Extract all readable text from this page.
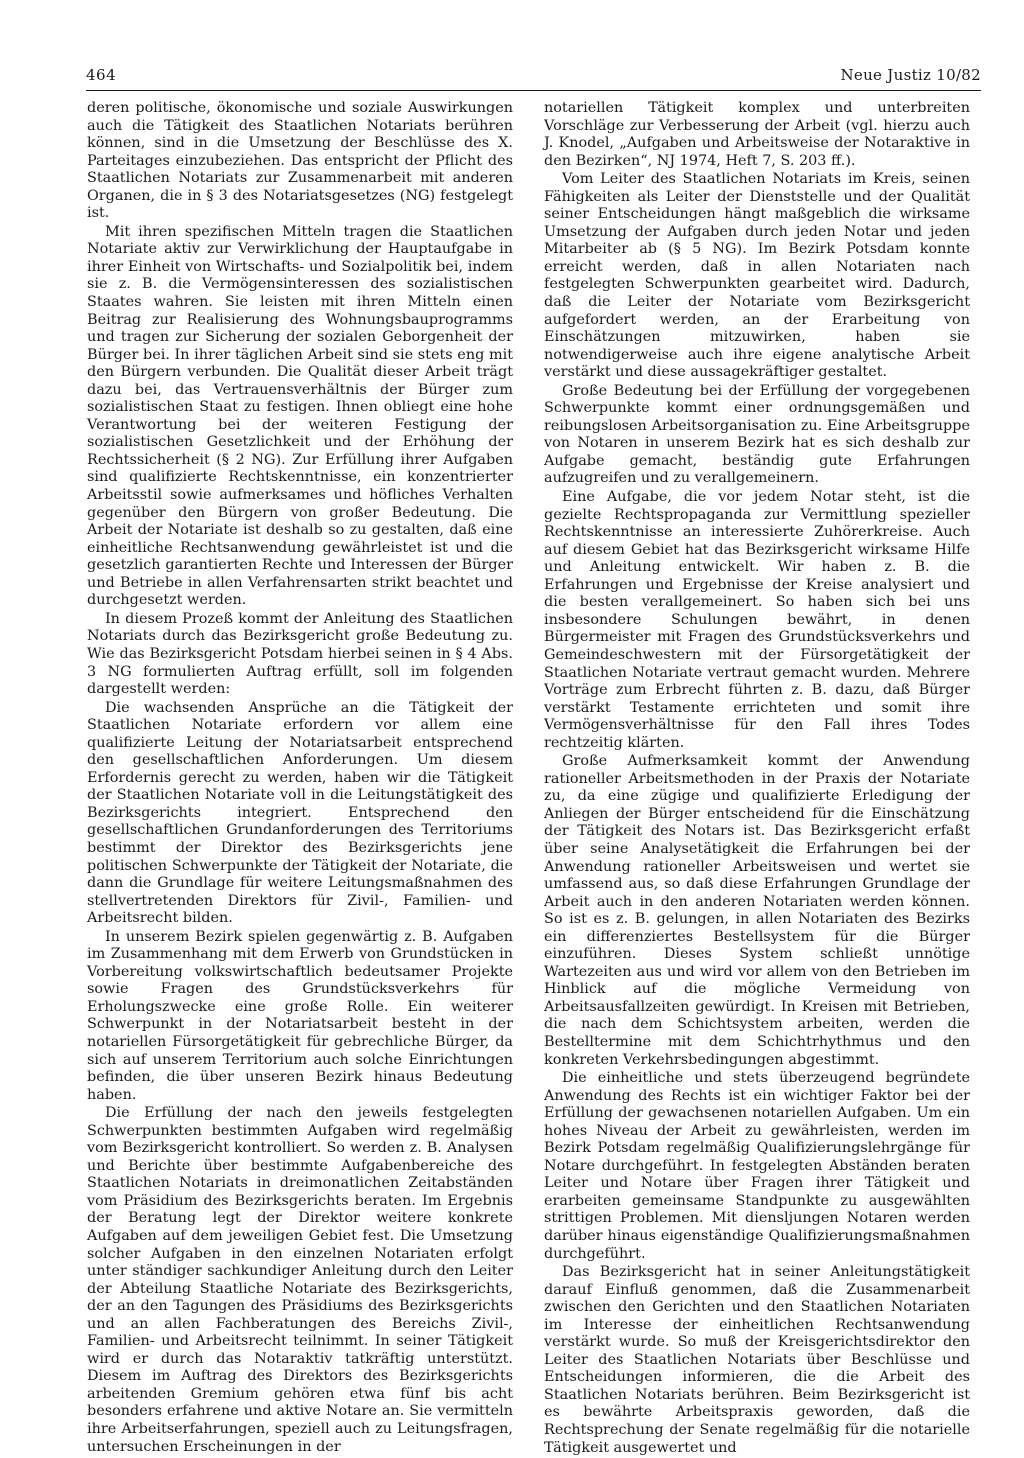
464	Neue Justiz 10/82

deren politische, ökonomische und soziale Auswirkungen auch die Tätigkeit des Staatlichen Notariats berühren können, sind in die Umsetzung der Beschlüsse des X. Parteitages einzubeziehen. Das entspricht der Pflicht des Staatlichen Notariats zur Zusammenarbeit mit anderen Organen, die in § 3 des Notariatsgesetzes (NG) festgelegt ist.

Mit ihren spezifischen Mitteln tragen die Staatlichen Notariate aktiv zur Verwirklichung der Hauptaufgabe in ihrer Einheit von Wirtschafts- und Sozialpolitik bei, indem sie z. B. die Vermögensinteressen des sozialistischen Staates wahren. Sie leisten mit ihren Mitteln einen Beitrag zur Realisierung des Wohnungsbauprogramms und tragen zur Sicherung der sozialen Geborgenheit der Bürger bei. In ihrer täglichen Arbeit sind sie stets eng mit den Bürgern verbunden. Die Qualität dieser Arbeit trägt dazu bei, das Vertrauensverhältnis der Bürger zum sozialistischen Staat zu festigen. Ihnen obliegt eine hohe Verantwortung bei der weiteren Festigung der sozialistischen Gesetzlichkeit und der Erhöhung der Rechtssicherheit (§ 2 NG). Zur Erfüllung ihrer Aufgaben sind qualifizierte Rechtskenntnisse, ein konzentrierter Arbeitsstil sowie aufmerksames und höfliches Verhalten gegenüber den Bürgern von großer Bedeutung. Die Arbeit der Notariate ist deshalb so zu gestalten, daß eine einheitliche Rechtsanwendung gewährleistet ist und die gesetzlich garantierten Rechte und Interessen der Bürger und Betriebe in allen Verfahrensarten strikt beachtet und durchgesetzt werden.

In diesem Prozeß kommt der Anleitung des Staatlichen Notariats durch das Bezirksgericht große Bedeutung zu. Wie das Bezirksgericht Potsdam hierbei seinen in § 4 Abs. 3 NG formulierten Auftrag erfüllt, soll im folgenden dargestellt werden:

Die wachsenden Ansprüche an die Tätigkeit der Staatlichen Notariate erfordern vor allem eine qualifizierte Leitung der Notariatsarbeit entsprechend den gesellschaftlichen Anforderungen. Um diesem Erfordernis gerecht zu werden, haben wir die Tätigkeit der Staatlichen Notariate voll in die Leitungstätigkeit des Bezirksgerichts integriert. Entsprechend den gesellschaftlichen Grundanforderungen des Territoriums bestimmt der Direktor des Bezirksgerichts jene politischen Schwerpunkte der Tätigkeit der Notariate, die dann die Grundlage für weitere Leitungsmaßnahmen des stellvertretenden Direktors für Zivil-, Familien- und Arbeitsrecht bilden.

In unserem Bezirk spielen gegenwärtig z. B. Aufgaben im Zusammenhang mit dem Erwerb von Grundstücken in Vorbereitung volkswirtschaftlich bedeutsamer Projekte sowie Fragen des Grundstücksverkehrs für Erholungszwecke eine große Rolle. Ein weiterer Schwerpunkt in der Notariatsarbeit besteht in der notariellen Fürsorgetätigkeit für gebrechliche Bürger, da sich auf unserem Territorium auch solche Einrichtungen befinden, die über unseren Bezirk hinaus Bedeutung haben.

Die Erfüllung der nach den jeweils festgelegten Schwerpunkten bestimmten Aufgaben wird regelmäßig vom Bezirksgericht kontrolliert. So werden z. B. Analysen und Berichte über bestimmte Aufgabenbereiche des Staatlichen Notariats in dreimonatlichen Zeitabständen vom Präsidium des Bezirksgerichts beraten. Im Ergebnis der Beratung legt der Direktor weitere konkrete Aufgaben auf dem jeweiligen Gebiet fest. Die Umsetzung solcher Aufgaben in den einzelnen Notariaten erfolgt unter ständiger sachkundiger Anleitung durch den Leiter der Abteilung Staatliche Notariate des Bezirksgerichts, der an den Tagungen des Präsidiums des Bezirksgerichts und an allen Fachberatungen des Bereichs Zivil-, Familien- und Arbeitsrecht teilnimmt. In seiner Tätigkeit wird er durch das Notaraktiv tatkräftig unterstützt. Diesem im Auftrag des Direktors des Bezirksgerichts arbeitenden Gremium gehören etwa fünf bis acht besonders erfahrene und aktive Notare an. Sie vermitteln ihre Arbeitserfahrungen, speziell auch zu Leitungsfragen, untersuchen Erscheinungen in der

notariellen Tätigkeit komplex und unterbreiten Vorschläge zur Verbesserung der Arbeit (vgl. hierzu auch J. Knodel, „Aufgaben und Arbeitsweise der Notaraktive in den Bezirken“, NJ 1974, Heft 7, S. 203 ff.).

Vom Leiter des Staatlichen Notariats im Kreis, seinen Fähigkeiten als Leiter der Dienststelle und der Qualität seiner Entscheidungen hängt maßgeblich die wirksame Umsetzung der Aufgaben durch jeden Notar und jeden Mitarbeiter ab (§ 5 NG). Im Bezirk Potsdam konnte erreicht werden, daß in allen Notariaten nach festgelegten Schwerpunkten gearbeitet wird. Dadurch, daß die Leiter der Notariate vom Bezirksgericht aufgefordert werden, an der Erarbeitung von Einschätzungen mitzuwirken, haben sie notwendigerweise auch ihre eigene analytische Arbeit verstärkt und diese aussagekräftiger gestaltet.

Große Bedeutung bei der Erfüllung der vorgegebenen Schwerpunkte kommt einer ordnungsgemäßen und reibungslosen Arbeitsorganisation zu. Eine Arbeitsgruppe von Notaren in unserem Bezirk hat es sich deshalb zur Aufgabe gemacht, beständig gute Erfahrungen aufzugreifen und zu verallgemeinern.

Eine Aufgabe, die vor jedem Notar steht, ist die gezielte Rechtspropaganda zur Vermittlung spezieller Rechtskenntnisse an interessierte Zuhörerkreise. Auch auf diesem Gebiet hat das Bezirksgericht wirksame Hilfe und Anleitung entwickelt. Wir haben z. B. die Erfahrungen und Ergebnisse der Kreise analysiert und die besten verallgemeinert. So haben sich bei uns insbesondere Schulungen bewährt, in denen Bürgermeister mit Fragen des Grundstücksverkehrs und Gemeindeschwestern mit der Fürsorgetätigkeit der Staatlichen Notariate vertraut gemacht wurden. Mehrere Vorträge zum Erbrecht führten z. B. dazu, daß Bürger verstärkt Testamente errichteten und somit ihre Vermögensverhältnisse für den Fall ihres Todes rechtzeitig klärten.

Große Aufmerksamkeit kommt der Anwendung rationeller Arbeitsmethoden in der Praxis der Notariate zu, da eine zügige und qualifizierte Erledigung der Anliegen der Bürger entscheidend für die Einschätzung der Tätigkeit des Notars ist. Das Bezirksgericht erfaßt über seine Analysetätigkeit die Erfahrungen bei der Anwendung rationeller Arbeitsweisen und wertet sie umfassend aus, so daß diese Erfahrungen Grundlage der Arbeit auch in den anderen Notariaten werden können. So ist es z. B. gelungen, in allen Notariaten des Bezirks ein differenziertes Bestellsystem für die Bürger einzuführen. Dieses System schließt unnötige Wartezeiten aus und wird vor allem von den Betrieben im Hinblick auf die mögliche Vermeidung von Arbeitsausfallzeiten gewürdigt. In Kreisen mit Betrieben, die nach dem Schichtsystem arbeiten, werden die Bestelltermine mit dem Schichtrhythmus und den konkreten Verkehrsbedingungen abgestimmt.

Die einheitliche und stets überzeugend begründete Anwendung des Rechts ist ein wichtiger Faktor bei der Erfüllung der gewachsenen notariellen Aufgaben. Um ein hohes Niveau der Arbeit zu gewährleisten, werden im Bezirk Potsdam regelmäßig Qualifizierungslehrgänge für Notare durchgeführt. In festgelegten Abständen beraten Leiter und Notare über Fragen ihrer Tätigkeit und erarbeiten gemeinsame Standpunkte zu ausgewählten strittigen Problemen. Mit diensljungen Notaren werden darüber hinaus eigenständige Qualifizierungsmaßnahmen durchgeführt.

Das Bezirksgericht hat in seiner Anleitungstätigkeit darauf Einfluß genommen, daß die Zusammenarbeit zwischen den Gerichten und den Staatlichen Notariaten im Interesse der einheitlichen Rechtsanwendung verstärkt wurde. So muß der Kreisgerichtsdirektor den Leiter des Staatlichen Notariats über Beschlüsse und Entscheidungen informieren, die die Arbeit des Staatlichen Notariats berühren. Beim Bezirksgericht ist es bewährte Arbeitspraxis geworden, daß die Rechtsprechung der Senate regelmäßig für die notarielle Tätigkeit ausgewertet und
